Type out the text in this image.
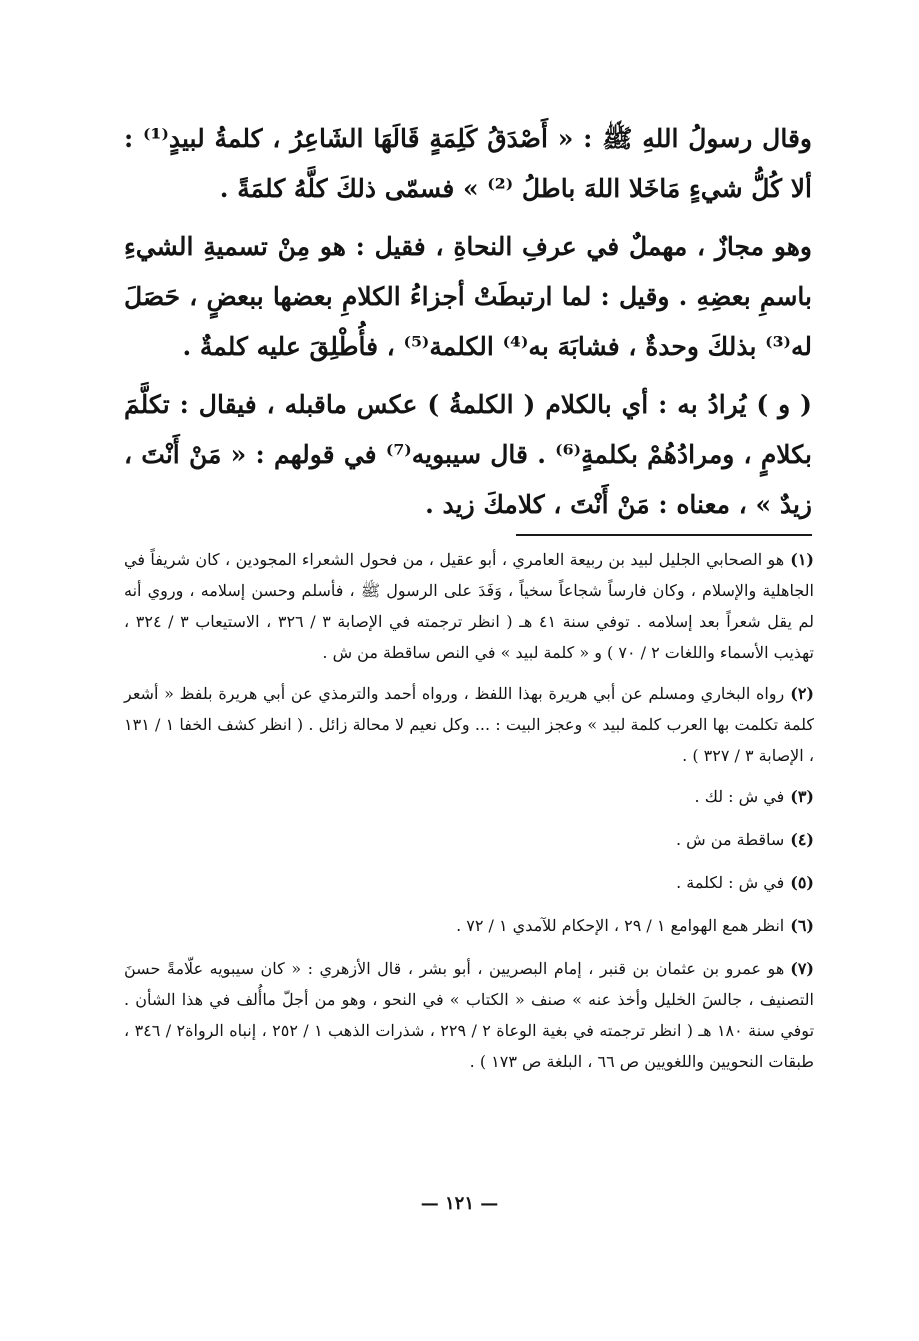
وقال رسولُ اللهِ ﷺ : « أَصْدَقُ كَلِمَةٍ قَالَهَا الشَاعِرُ ، كلمةُ لبيدٍ⁽¹⁾ : ألا كُلُّ شيءٍ مَاخَلا اللهَ باطلُ ⁽²⁾ » فسمّى ذلكَ كلَّهُ كلمَةً .

وهو مجازٌ ، مهملٌ في عرفِ النحاةِ ، فقيل : هو مِنْ تسميةِ الشيءِ باسمِ بعضِهِ . وقيل : لما ارتبطَتْ أجزاءُ الكلامِ بعضها ببعضٍ ، حَصَلَ له⁽³⁾ بذلكَ وحدةٌ ، فشابَهَ به⁽⁴⁾ الكلمة⁽⁵⁾ ، فأُطْلِقَ عليه كلمةٌ .

( و ) يُرادُ به : أي بالكلام ( الكلمةُ ) عكس ماقبله ، فيقال : تكلَّمَ بكلامٍ ، ومرادُهُمْ بكلمةٍ⁽⁶⁾ . قال سيبويه⁽⁷⁾ في قولهم : « مَنْ أَنْتَ ، زيدٌ » ، معناه : مَنْ أَنْتَ ، كلامكَ زيد .

(١)هو الصحابي الجليل لبيد بن ربيعة العامري ، أبو عقيل ، من فحول الشعراء المجودين ، كان شريفاً في الجاهلية والإسلام ، وكان فارساً شجاعاً سخياً ، وَفَدَ على الرسول ﷺ ، فأسلم وحسن إسلامه ، وروي أنه لم يقل شعراً بعد إسلامه . توفي سنة ٤١ هـ ( انظر ترجمته في الإصابة ٣ / ٣٢٦ ، الاستيعاب ٣ / ٣٢٤ ، تهذيب الأسماء واللغات ٢ / ٧٠ ) و « كلمة لبيد » في النص ساقطة من ش .
(٢)رواه البخاري ومسلم عن أبي هريرة بهذا اللفظ ، ورواه أحمد والترمذي عن أبي هريرة بلفظ « أشعر كلمة تكلمت بها العرب كلمة لبيد » وعجز البيت : ... وكل نعيم لا محالة زائل . ( انظر كشف الخفا ١ / ١٣١ ، الإصابة ٣ / ٣٢٧ ) .
(٣)في ش : لك .
(٤)ساقطة من ش .
(٥)في ش : لكلمة .
(٦)انظر همع الهوامع ١ / ٢٩ ، الإحكام للآمدي ١ / ٧٢ .
(٧)هو عمرو بن عثمان بن قنبر ، إمام البصريين ، أبو بشر ، قال الأزهري : « كان سيبويه علّامةً حسنَ التصنيف ، جالسَ الخليل وأخذ عنه » صنف « الكتاب » في النحو ، وهو من أجلّ ماأُلف في هذا الشأن . توفي سنة ١٨٠ هـ ( انظر ترجمته في بغية الوعاة ٢ / ٢٢٩ ، شذرات الذهب ١ / ٢٥٢ ، إنباه الرواة٢ / ٣٤٦ ، طبقات النحويين واللغويين ص ٦٦ ، البلغة ص ١٧٣ ) .
— ١٢١ —
